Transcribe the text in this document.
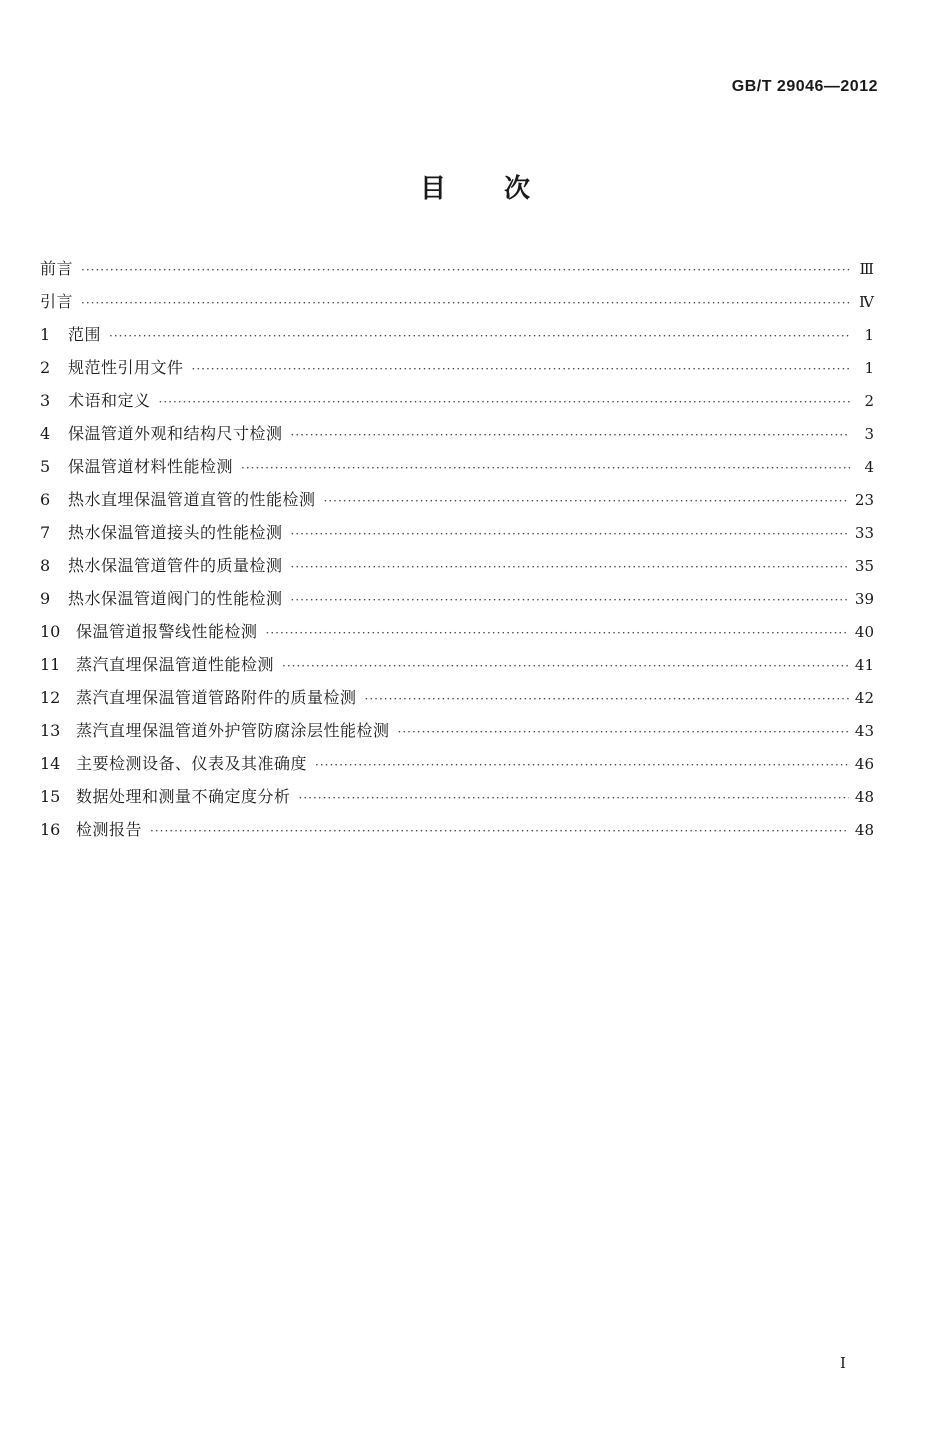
GB/T 29046—2012
目次
前言 ·····	Ⅲ
引言 ·····	Ⅳ
1	范围 ·····	1
2	规范性引用文件 ·····	1
3	术语和定义 ·····	2
4	保温管道外观和结构尺寸检测 ·····	3
5	保温管道材料性能检测 ·····	4
6	热水直埋保温管道直管的性能检测 ·····	23
7	热水保温管道接头的性能检测 ·····	33
8	热水保温管道管件的质量检测 ·····	35
9	热水保温管道阀门的性能检测 ·····	39
10 保温管道报警线性能检测 ·····	40
11 蒸汽直埋保温管道性能检测 ·····	41
12 蒸汽直埋保温管道管路附件的质量检测 ·····	42
13 蒸汽直埋保温管道外护管防腐涂层性能检测 ·····	43
14 主要检测设备、仪表及其准确度 ·····	46
15 数据处理和测量不确定度分析 ·····	48
16 检测报告 ·····	48
I
